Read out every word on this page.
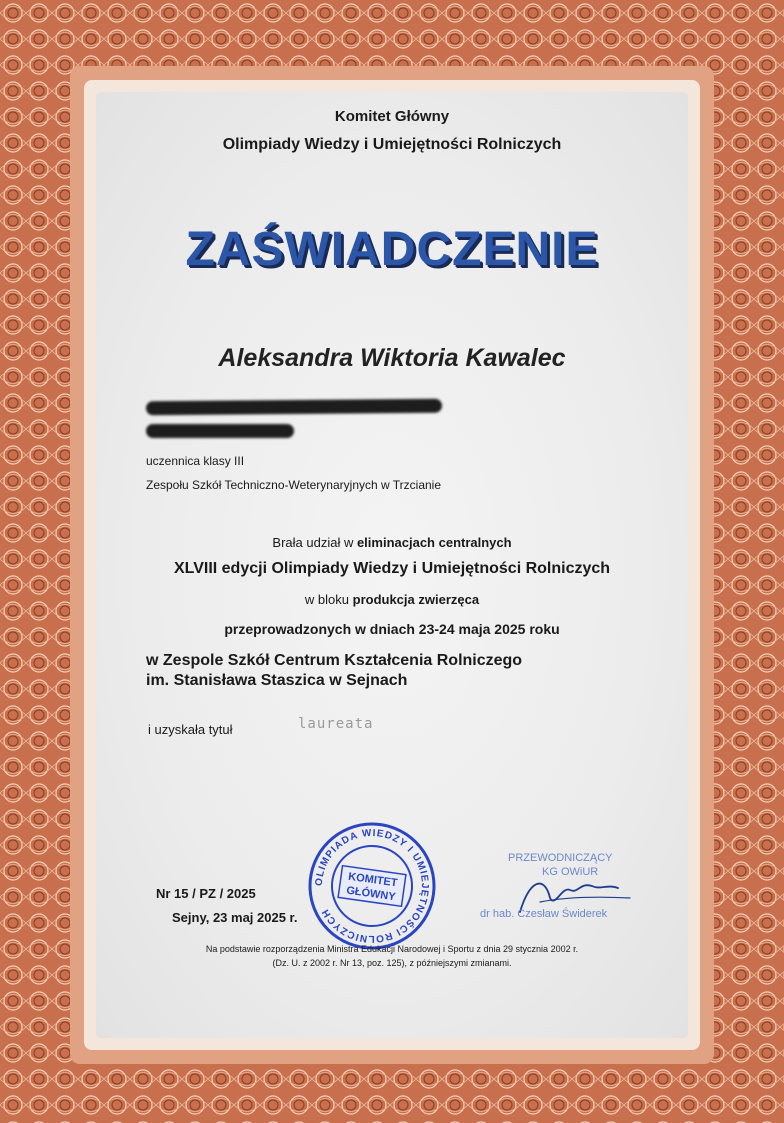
Komitet Główny
Olimpiady Wiedzy i Umiejętności Rolniczych
ZAŚWIADCZENIE
Aleksandra Wiktoria Kawalec
uczennica klasy III
Zespołu Szkół Techniczno-Weterynaryjnych w Trzcianie
Brała udział w eliminacjach centralnych
XLVIII edycji Olimpiady Wiedzy i Umiejętności Rolniczych
w bloku produkcja zwierzęca
przeprowadzonych w dniach 23-24 maja 2025 roku
w Zespole Szkół Centrum Kształcenia Rolniczego
im. Stanisława Staszica w Sejnach
i uzyskała tytuł	laureata
Nr 15 / PZ / 2025
Sejny, 23 maj 2025 r.
OLIMPIADA WIEDZY I UMIEJĘTNOŚCI ROLNICZYCH
KOMITET
GŁÓWNY
PRZEWODNICZĄCY
KG OWiUR
dr hab. Czesław Świderek
Na podstawie rozporządzenia Ministra Edukacji Narodowej i Sportu z dnia 29 stycznia 2002 r.
(Dz. U. z 2002 r. Nr 13, poz. 125), z późniejszymi zmianami.
